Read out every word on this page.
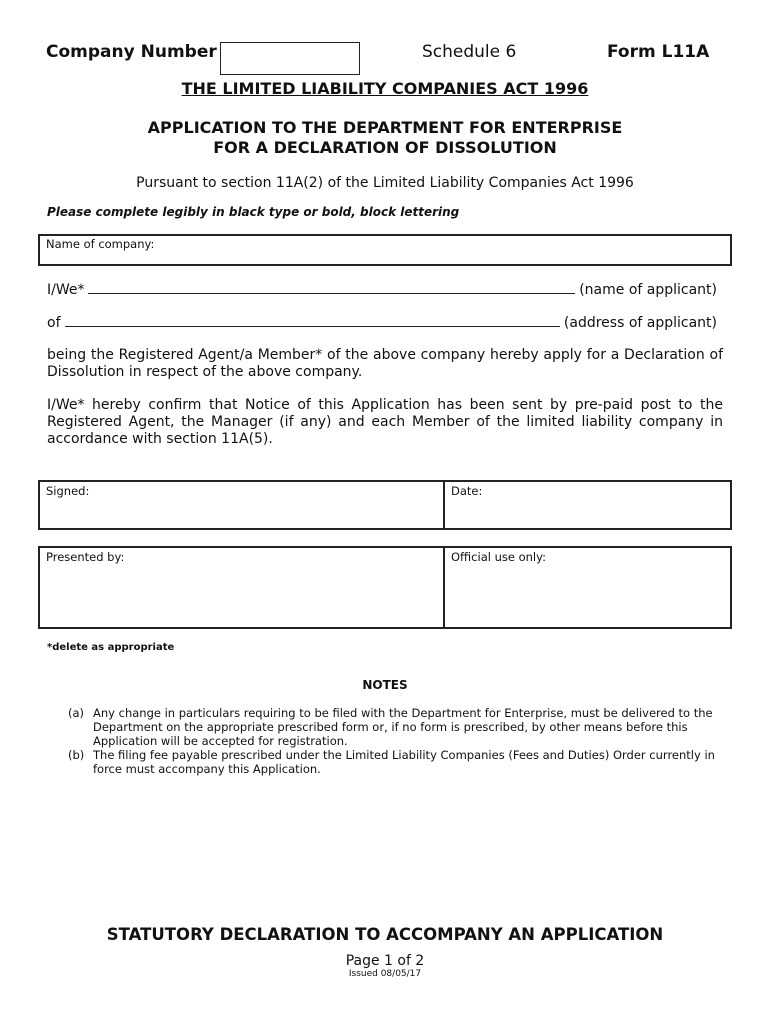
Company Number	Schedule 6	Form L11A
THE LIMITED LIABILITY COMPANIES ACT 1996
APPLICATION TO THE DEPARTMENT FOR ENTERPRISE
FOR A DECLARATION OF DISSOLUTION
Pursuant to section 11A(2) of the Limited Liability Companies Act 1996
Please complete legibly in black type or bold, block lettering
Name of company:
I/We*	(name of applicant)
of	(address of applicant)
being the Registered Agent/a Member* of the above company hereby apply for a Declaration of Dissolution in respect of the above company.
I/We* hereby confirm that Notice of this Application has been sent by pre-paid post to the Registered Agent, the Manager (if any) and each Member of the limited liability company in accordance with section 11A(5).
Signed:	Date:
Presented by:	Official use only:
*delete as appropriate
NOTES
(a) Any change in particulars requiring to be filed with the Department for Enterprise, must be delivered to the Department on the appropriate prescribed form or, if no form is prescribed, by other means before this Application will be accepted for registration.
(b) The filing fee payable prescribed under the Limited Liability Companies (Fees and Duties) Order currently in force must accompany this Application.
STATUTORY DECLARATION TO ACCOMPANY AN APPLICATION
Page 1 of 2
Issued 08/05/17
